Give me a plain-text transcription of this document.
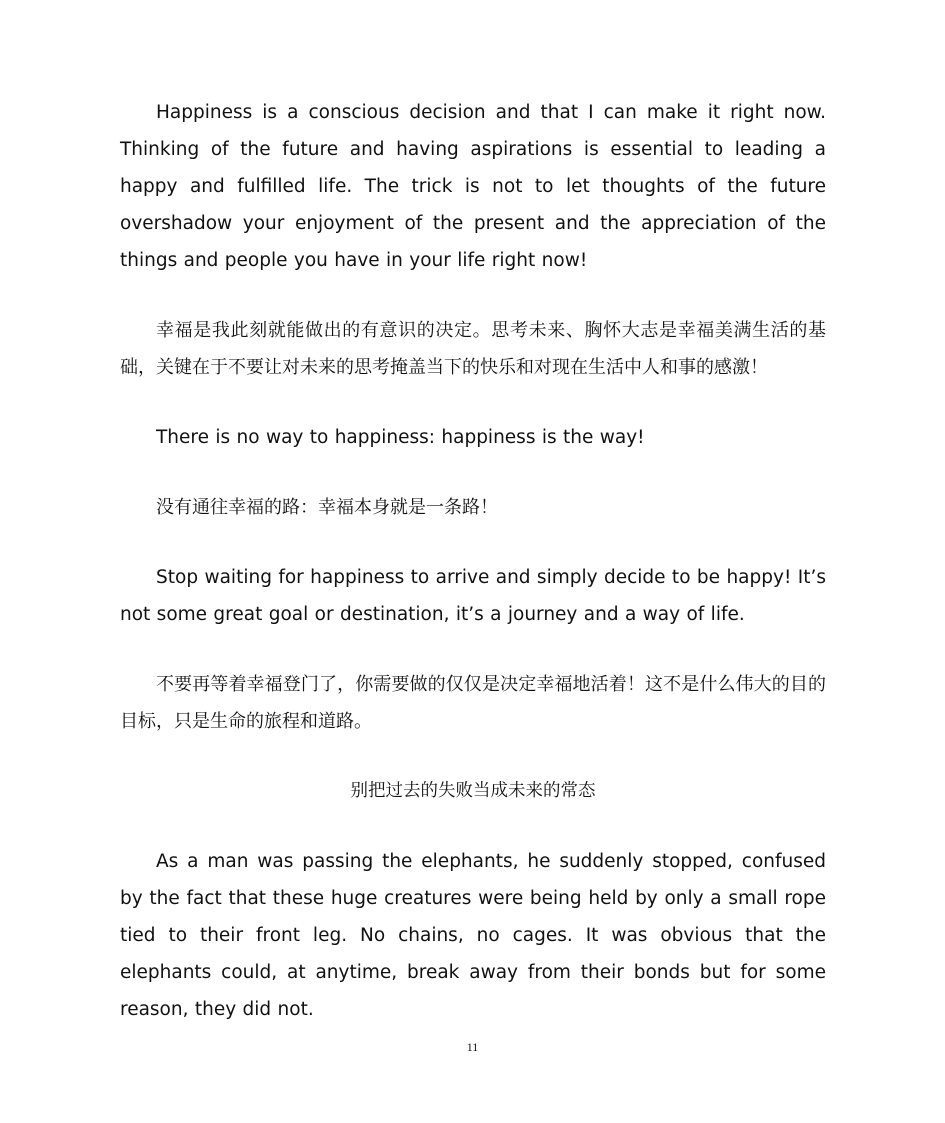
Happiness is a conscious decision and that I can make it right now. Thinking of the future and having aspirations is essential to leading a happy and fulfilled life. The trick is not to let thoughts of the future overshadow your enjoyment of the present and the appreciation of the things and people you have in your life right now!

幸福是我此刻就能做出的有意识的决定。思考未来、胸怀大志是幸福美满生活的基础，关键在于不要让对未来的思考掩盖当下的快乐和对现在生活中人和事的感激！

There is no way to happiness: happiness is the way!

没有通往幸福的路：幸福本身就是一条路！

Stop waiting for happiness to arrive and simply decide to be happy! It’s not some great goal or destination, it’s a journey and a way of life.

不要再等着幸福登门了，你需要做的仅仅是决定幸福地活着！这不是什么伟大的目的目标，只是生命的旅程和道路。

别把过去的失败当成未来的常态

As a man was passing the elephants, he suddenly stopped, confused by the fact that these huge creatures were being held by only a small rope tied to their front leg. No chains, no cages. It was obvious that the elephants could, at anytime, break away from their bonds but for some reason, they did not.

11
